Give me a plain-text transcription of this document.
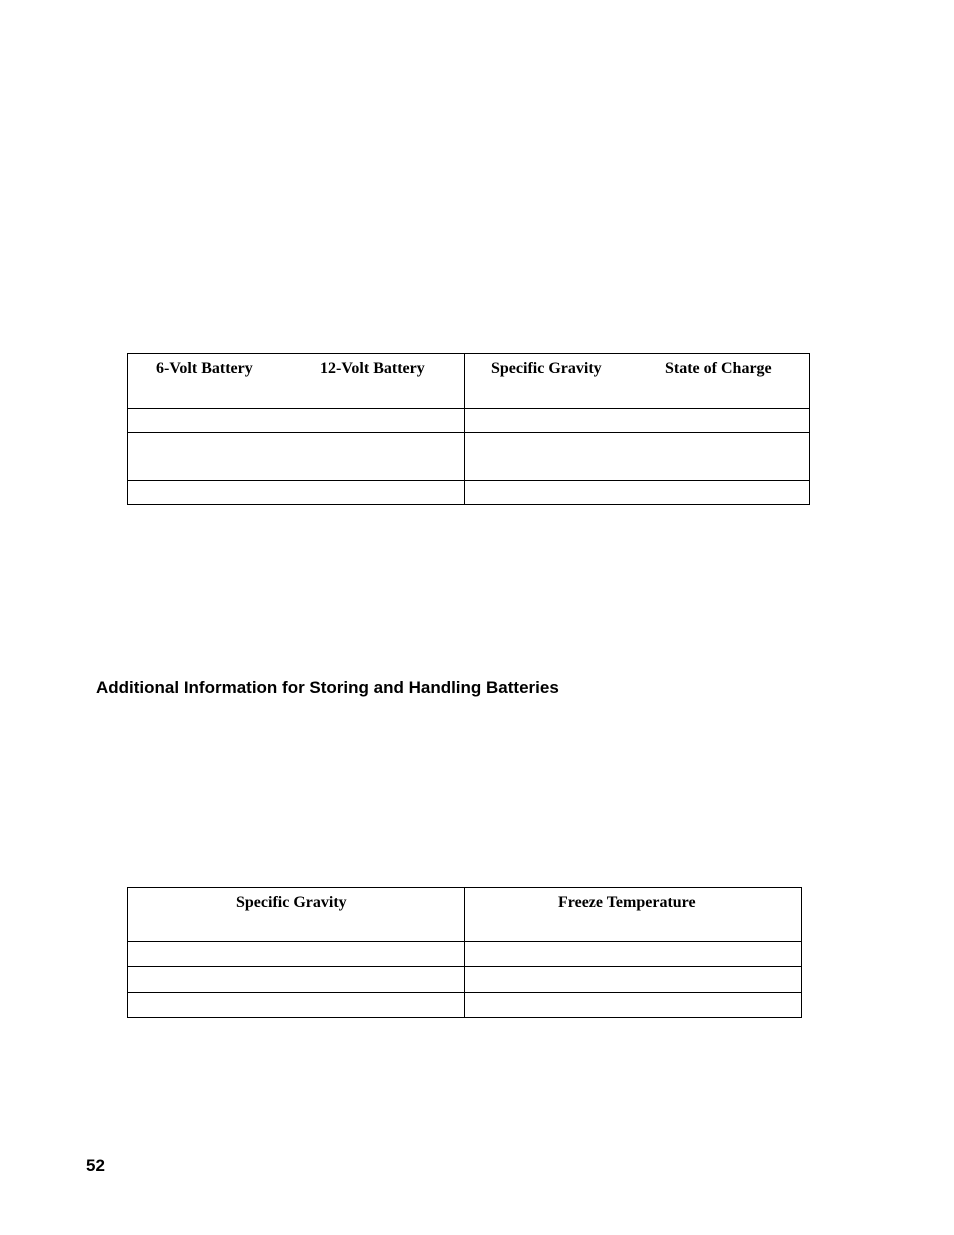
6-Volt Battery	12-Volt Battery	Specific Gravity	State of Charge
Additional Information for Storing and Handling Batteries
Specific Gravity	Freeze Temperature
52
